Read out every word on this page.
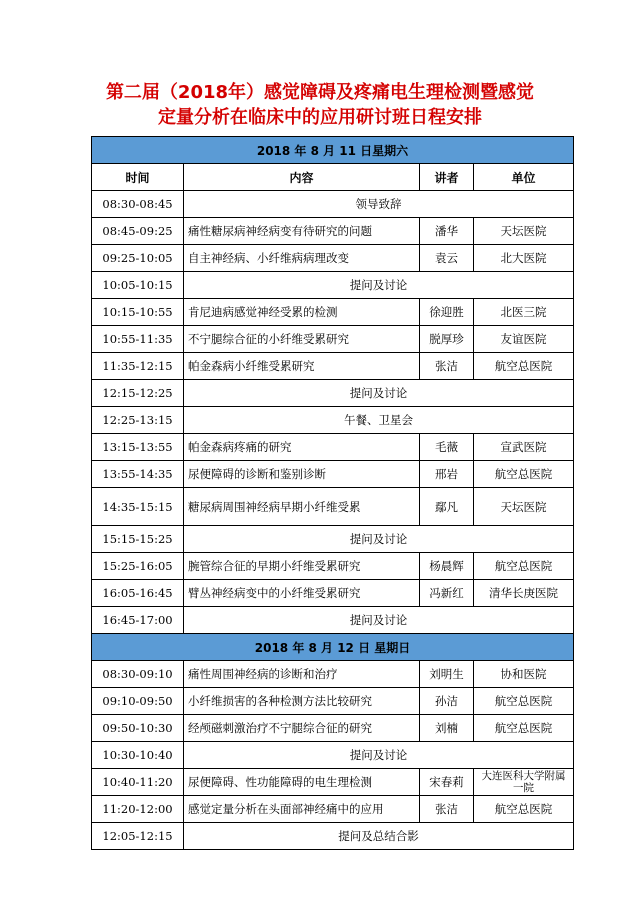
第二届（2018年）感觉障碍及疼痛电生理检测暨感觉
定量分析在临床中的应用研讨班日程安排
2018 年 8 月 11 日星期六			
时间	内容	讲者	单位
08:30-08:45	领导致辞		
08:45-09:25	痛性糖尿病神经病变有待研究的问题	潘华	天坛医院
09:25-10:05	自主神经病、小纤维病病理改变	袁云	北大医院
10:05-10:15	提问及讨论		
10:15-10:55	肯尼迪病感觉神经受累的检测	徐迎胜	北医三院
10:55-11:35	不宁腿综合征的小纤维受累研究	脱厚珍	友谊医院
11:35-12:15	帕金森病小纤维受累研究	张洁	航空总医院
12:15-12:25	提问及讨论		
12:25-13:15	午餐、卫星会		
13:15-13:55	帕金森病疼痛的研究	毛薇	宣武医院
13:55-14:35	尿便障碍的诊断和鉴别诊断	邢岩	航空总医院
14:35-15:15	糖尿病周围神经病早期小纤维受累	鄢凡	天坛医院
15:15-15:25	提问及讨论		
15:25-16:05	腕管综合征的早期小纤维受累研究	杨晨辉	航空总医院
16:05-16:45	臂丛神经病变中的小纤维受累研究	冯新红	清华长庚医院
16:45-17:00	提问及讨论		
2018 年 8 月 12 日 星期日			
08:30-09:10	痛性周围神经病的诊断和治疗	刘明生	协和医院
09:10-09:50	小纤维损害的各种检测方法比较研究	孙洁	航空总医院
09:50-10:30	经颅磁刺激治疗不宁腿综合征的研究	刘楠	航空总医院
10:30-10:40	提问及讨论		
10:40-11:20	尿便障碍、性功能障碍的电生理检测	宋春莉	大连医科大学附属一院
11:20-12:00	感觉定量分析在头面部神经痛中的应用	张洁	航空总医院
12:05-12:15	提问及总结合影		
